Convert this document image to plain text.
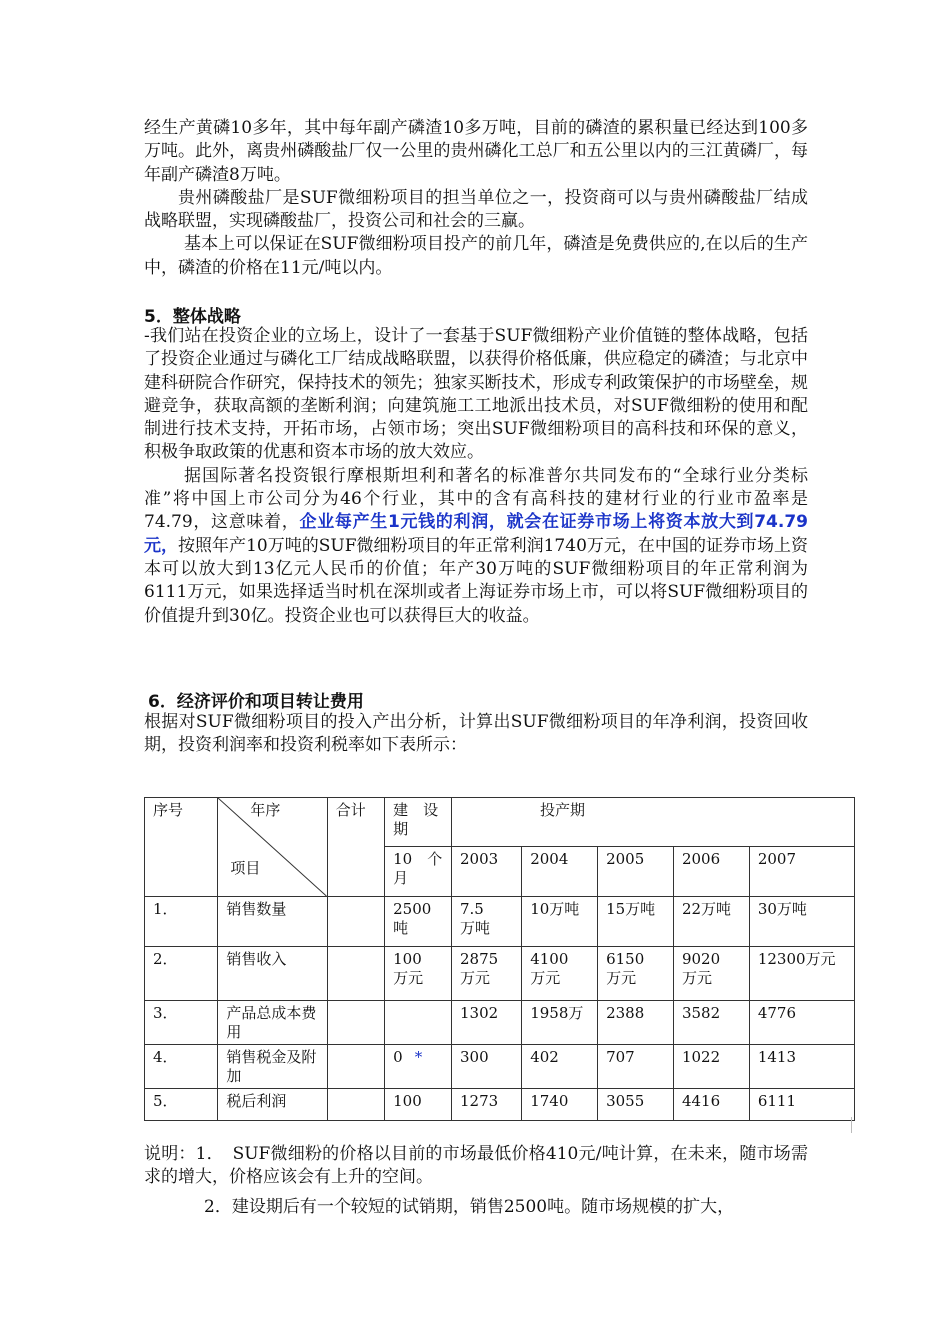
经生产黄磷10多年，其中每年副产磷渣10多万吨，目前的磷渣的累积量已经达到100多万吨。此外，离贵州磷酸盐厂仅一公里的贵州磷化工总厂和五公里以内的三江黄磷厂，每年副产磷渣8万吨。

贵州磷酸盐厂是SUF微细粉项目的担当单位之一，投资商可以与贵州磷酸盐厂结成战略联盟，实现磷酸盐厂，投资公司和社会的三赢。

基本上可以保证在SUF微细粉项目投产的前几年，磷渣是免费供应的,在以后的生产中，磷渣的价格在11元/吨以内。

5．整体战略

-我们站在投资企业的立场上，设计了一套基于SUF微细粉产业价值链的整体战略，包括了投资企业通过与磷化工厂结成战略联盟，以获得价格低廉，供应稳定的磷渣；与北京中建科研院合作研究，保持技术的领先；独家买断技术，形成专利政策保护的市场壁垒，规避竞争，获取高额的垄断利润；向建筑施工工地派出技术员，对SUF微细粉的使用和配制进行技术支持，开拓市场，占领市场；突出SUF微细粉项目的高科技和环保的意义，积极争取政策的优惠和资本市场的放大效应。

据国际著名投资银行摩根斯坦利和著名的标准普尔共同发布的“全球行业分类标准”将中国上市公司分为46个行业，其中的含有高科技的建材行业的行业市盈率是74.79，这意味着，企业每产生1元钱的利润，就会在证券市场上将资本放大到74.79元，按照年产10万吨的SUF微细粉项目的年正常利润1740万元，在中国的证券市场上资本可以放大到13亿元人民币的价值；年产30万吨的SUF微细粉项目的年正常利润为6111万元，如果选择适当时机在深圳或者上海证券市场上市，可以将SUF微细粉项目的价值提升到30亿。投资企业也可以获得巨大的收益。

6．经济评价和项目转让费用

根据对SUF微细粉项目的投入产出分析，计算出SUF微细粉项目的年净利润，投资回收期，投资利润率和投资利税率如下表所示：

序号	年序
项目	合计	建　设期	投产期				
			10　个月	2003	2004	2005	2006	2007
1．	销售数量		2500吨	7.5　万吨	10万吨	15万吨	22万吨	30万吨
2．	销售收入		100　万元	2875　万元	4100　万元	6150　万元	9020　万元	12300万元
3．	产品总成本费用			1302	1958万	2388	3582	4776
4．	销售税金及附加		0 *	300	402	707	1022	1413
5．	税后利润		100	1273	1740	3055	4416	6111

说明：1．　SUF微细粉的价格以目前的市场最低价格410元/吨计算，在未来，随市场需求的增大，价格应该会有上升的空间。

2．建设期后有一个较短的试销期，销售2500吨。随市场规模的扩大，
